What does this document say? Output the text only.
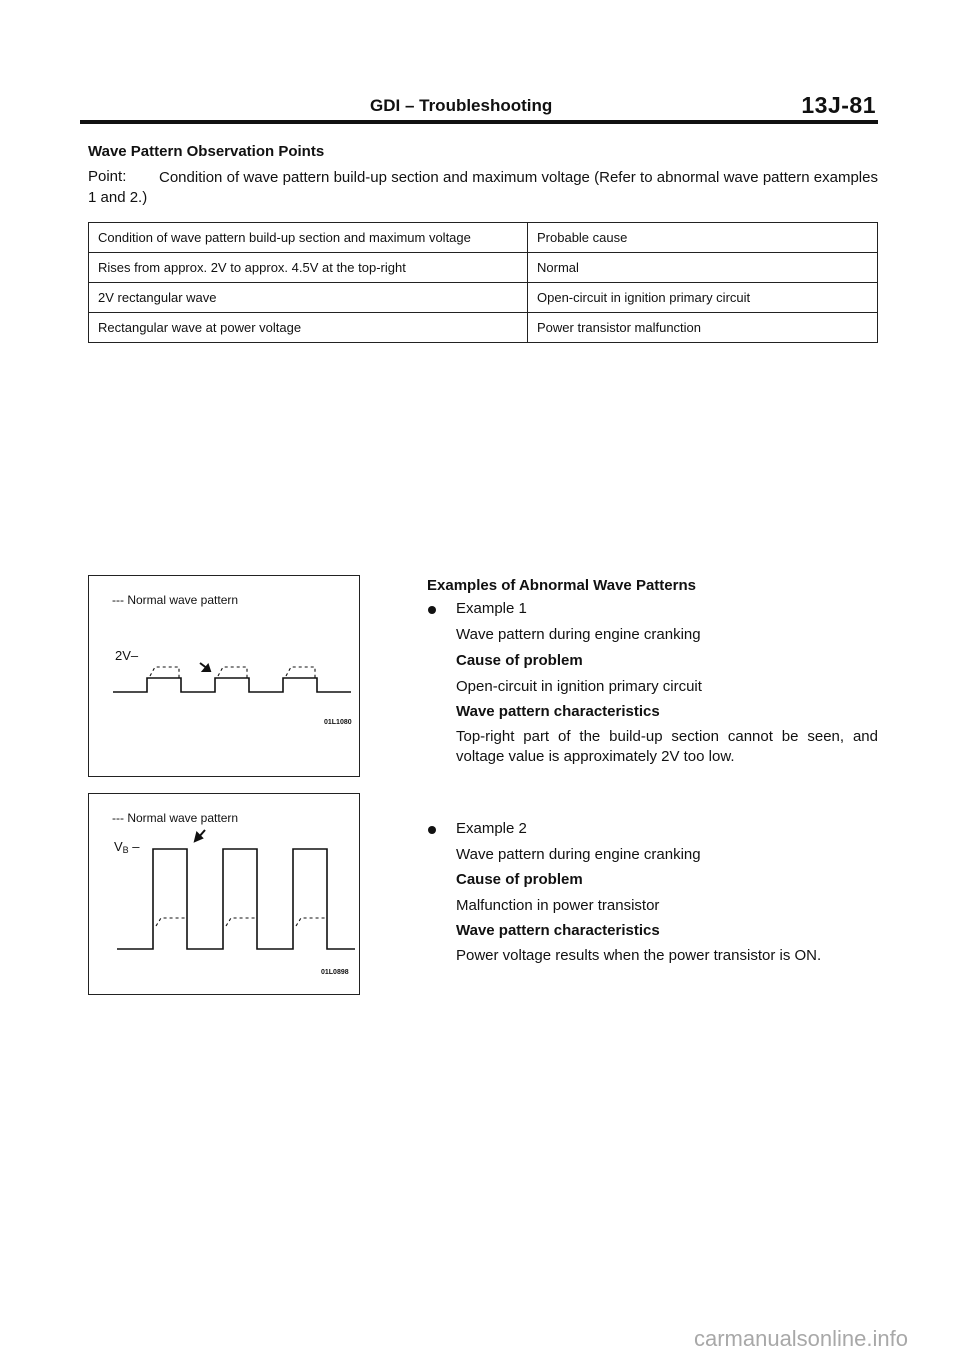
GDI – Troubleshooting	13J-81
Wave Pattern Observation Points
Point:	Condition of wave pattern build-up section and maximum voltage (Refer to abnormal wave pattern examples 1 and 2.)
Condition of wave pattern build-up section and maximum voltage	Probable cause
Rises from approx. 2V to approx. 4.5V at the top-right	Normal
2V rectangular wave	Open-circuit in ignition primary circuit
Rectangular wave at power voltage	Power transistor malfunction
--- Normal wave pattern
2V–
01L1080
--- Normal wave pattern
$V_B$ –
01L0898
Examples of Abnormal Wave Patterns
Example 1
Wave pattern during engine cranking
Cause of problem
Open-circuit in ignition primary circuit
Wave pattern characteristics
Top-right part of the build-up section cannot be seen, and voltage value is approximately 2V too low.
Example 2
Wave pattern during engine cranking
Cause of problem
Malfunction in power transistor
Wave pattern characteristics
Power voltage results when the power transistor is ON.
carmanualsonline.info
